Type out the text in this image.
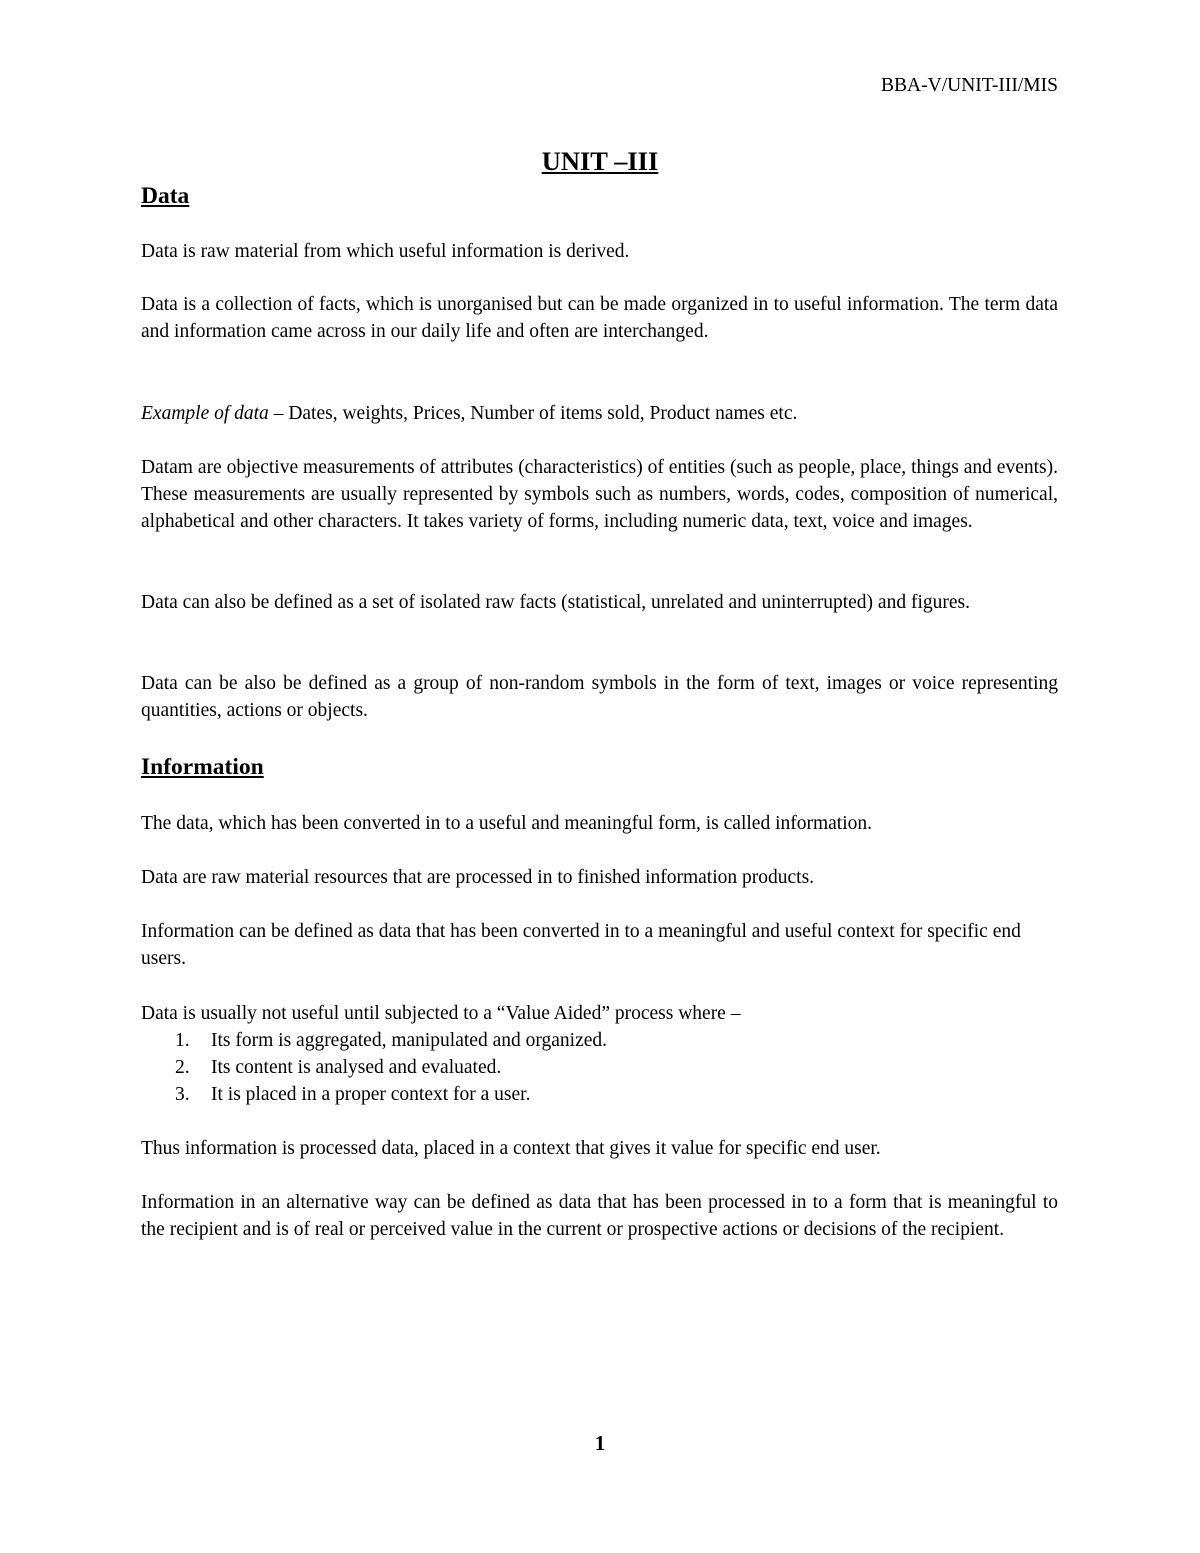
BBA-V/UNIT-III/MIS
UNIT –III
Data

Data is raw material from which useful information is derived.

Data is a collection of facts, which is unorganised but can be made organized in to useful information. The term data and information came across in our daily life and often are interchanged.

Example of data – Dates, weights, Prices, Number of items sold, Product names etc.

Datam are objective measurements of attributes (characteristics) of entities (such as people, place, things and events). These measurements are usually represented by symbols such as numbers, words, codes, composition of numerical, alphabetical and other characters. It takes variety of forms, including numeric data, text, voice and images.

Data can also be defined as a set of isolated raw facts (statistical, unrelated and uninterrupted) and figures.

Data can be also be defined as a group of non-random symbols in the form of text, images or voice representing quantities, actions or objects.

Information

The data, which has been converted in to a useful and meaningful form, is called information.

Data are raw material resources that are processed in to finished information products.

Information can be defined as data that has been converted in to a meaningful and useful context for specific end users.

Data is usually not useful until subjected to a “Value Aided” process where –

1. Its form is aggregated, manipulated and organized.
2. Its content is analysed and evaluated.
3. It is placed in a proper context for a user.

Thus information is processed data, placed in a context that gives it value for specific end user.

Information in an alternative way can be defined as data that has been processed in to a form that is meaningful to the recipient and is of real or perceived value in the current or prospective actions or decisions of the recipient.

1
